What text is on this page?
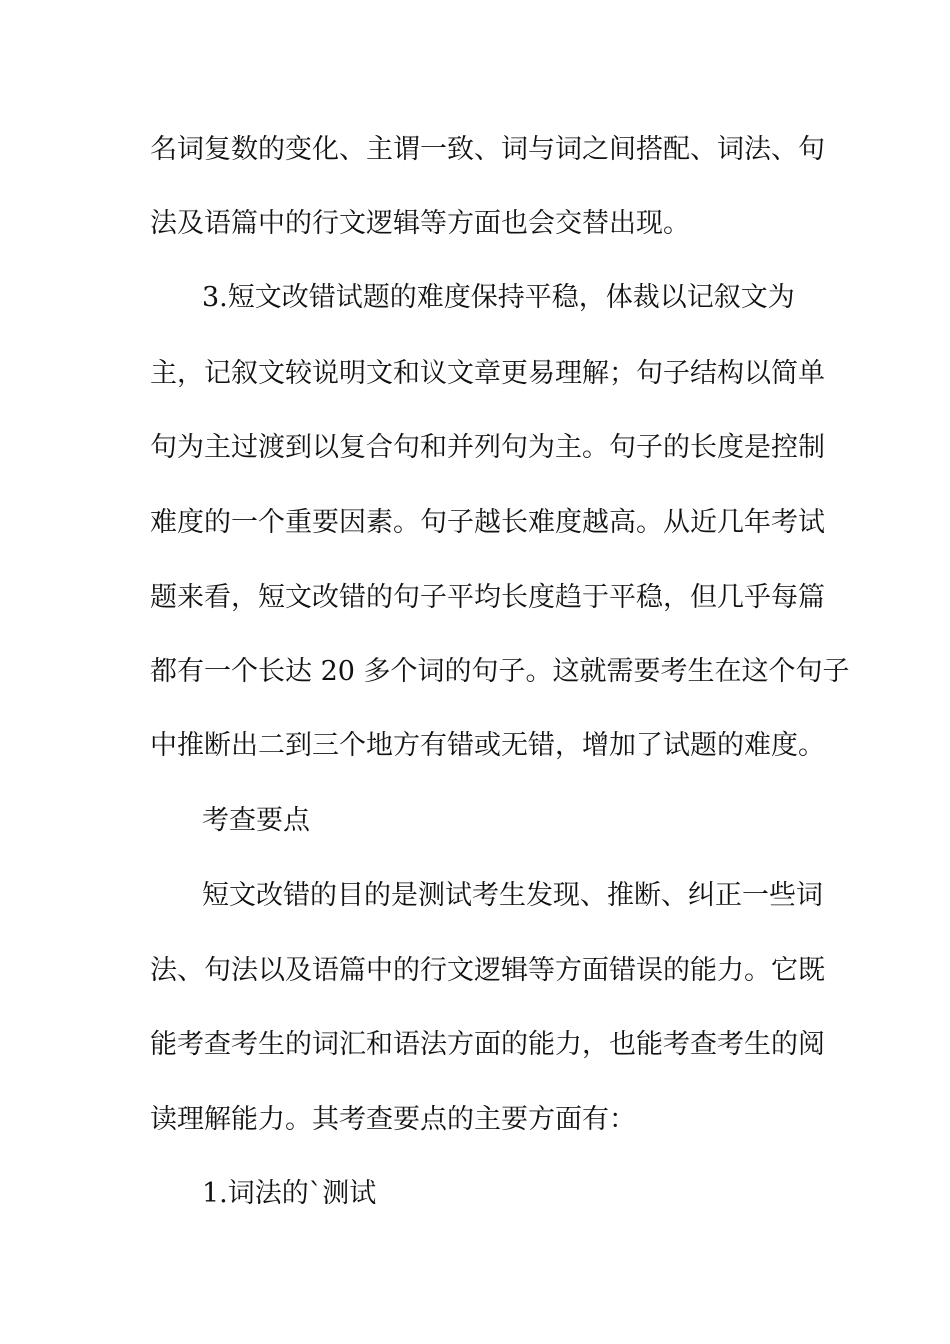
名词复数的变化、主谓一致、词与词之间搭配、词法、句
法及语篇中的行文逻辑等方面也会交替出现。
3.短文改错试题的难度保持平稳，体裁以记叙文为
主，记叙文较说明文和议文章更易理解；句子结构以简单
句为主过渡到以复合句和并列句为主。句子的长度是控制
难度的一个重要因素。句子越长难度越高。从近几年考试
题来看，短文改错的句子平均长度趋于平稳，但几乎每篇
都有一个长达 20 多个词的句子。这就需要考生在这个句子
中推断出二到三个地方有错或无错，增加了试题的难度。
考查要点
短文改错的目的是测试考生发现、推断、纠正一些词
法、句法以及语篇中的行文逻辑等方面错误的能力。它既
能考查考生的词汇和语法方面的能力，也能考查考生的阅
读理解能力。其考查要点的主要方面有：
1.词法的`测试
